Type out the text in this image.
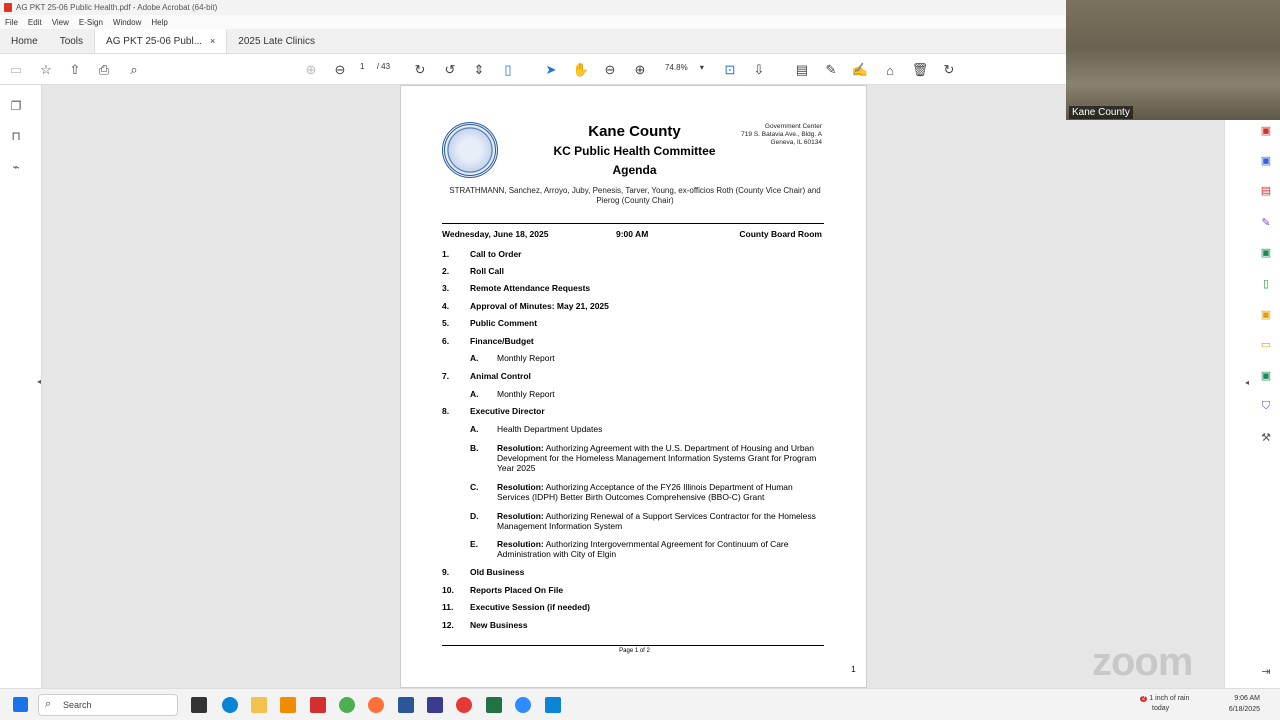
AG PKT 25-06 Public Health.pdf - Adobe Acrobat (64-bit)
File Edit View E-Sign Window Help
Home	Tools	AG PKT 25-06 Publ... ×	2025 Late Clinics
▭	☆	⇧	⎙	⌕	⊕	⊖	1 / 43	↻	↺	⇕	▯	➤	✋	⊖	⊕	74.8% ▾	⊡	⇩	▤	✎	✍	⌂	🗑	↻
❐
⊓
⌁
◂
Kane County
KC Public Health Committee
Agenda
Government Center
719 S. Batavia Ave., Bldg. A
Geneva, IL 60134
STRATHMANN, Sanchez, Arroyo, Juby, Penesis, Tarver, Young, ex-officios Roth (County Vice Chair) and Pierog (County Chair)
Wednesday, June 18, 2025	9:00 AM	County Board Room
1. Call to Order
2. Roll Call
3. Remote Attendance Requests
4. Approval of Minutes: May 21, 2025
5. Public Comment
6. Finance/Budget
A. Monthly Report
7. Animal Control
A. Monthly Report
8. Executive Director
A. Health Department Updates
B. Resolution: Authorizing Agreement with the U.S. Department of Housing and Urban Development for the Homeless Management Information Systems Grant for Program Year 2025
C. Resolution: Authorizing Acceptance of the FY26 Illinois Department of Human Services (IDPH) Better Birth Outcomes Comprehensive (BBO-C) Grant
D. Resolution: Authorizing Renewal of a Support Services Contractor for the Homeless Management Information System
E. Resolution: Authorizing Intergovernmental Agreement for Continuum of Care Administration with City of Elgin
9. Old Business
10. Reports Placed On File
11. Executive Session (if needed)
12. New Business
Page 1 of 2
1	zoom
▣
▣
▤
✎
▣
▯
▣
▭
▣
⛉
⚒
◂
⇥
Kane County
⌕ Search
2 1 inch of rain
today
9:06 AM
6/18/2025
